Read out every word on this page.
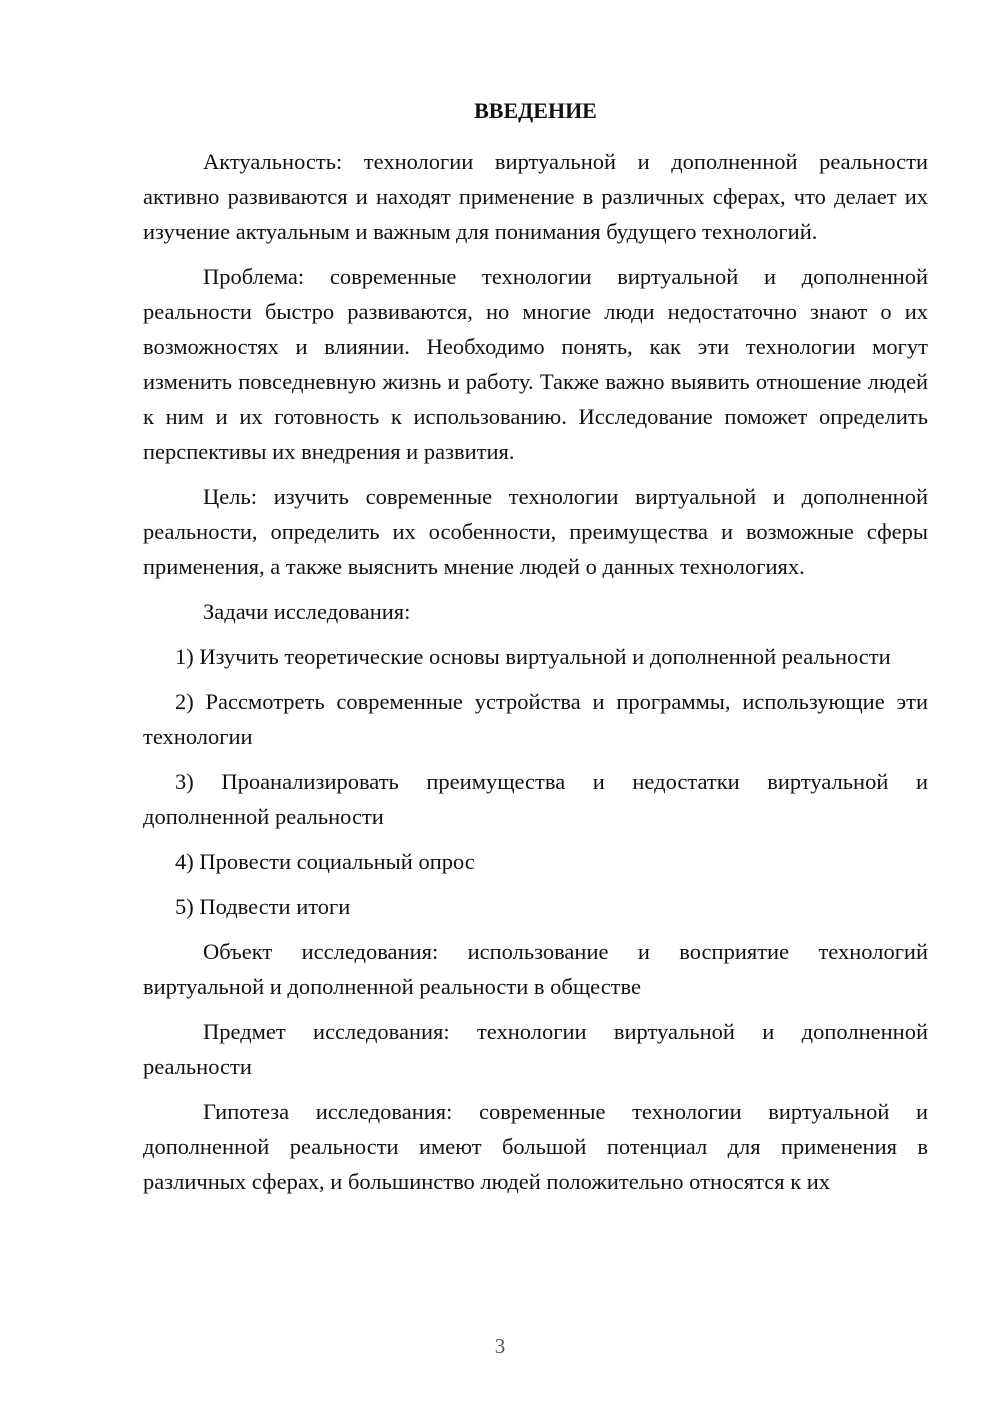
ВВЕДЕНИЕ

Актуальность: технологии виртуальной и дополненной реальности активно развиваются и находят применение в различных сферах, что делает их изучение актуальным и важным для понимания будущего технологий.

Проблема: современные технологии виртуальной и дополненной реальности быстро развиваются, но многие люди недостаточно знают о их возможностях и влиянии. Необходимо понять, как эти технологии могут изменить повседневную жизнь и работу. Также важно выявить отношение людей к ним и их готовность к использованию. Исследование поможет определить перспективы их внедрения и развития.

Цель: изучить современные технологии виртуальной и дополненной реальности, определить их особенности, преимущества и возможные сферы применения, а также выяснить мнение людей о данных технологиях.

Задачи исследования:

1) Изучить теоретические основы виртуальной и дополненной реальности

2) Рассмотреть современные устройства и программы, использующие эти технологии

3) Проанализировать преимущества и недостатки виртуальной и дополненной реальности

4) Провести социальный опрос

5) Подвести итоги

Объект исследования: использование и восприятие технологий виртуальной и дополненной реальности в обществе

Предмет исследования: технологии виртуальной и дополненной реальности

Гипотеза исследования: современные технологии виртуальной и дополненной реальности имеют большой потенциал для применения в различных сферах, и большинство людей положительно относятся к их

3
